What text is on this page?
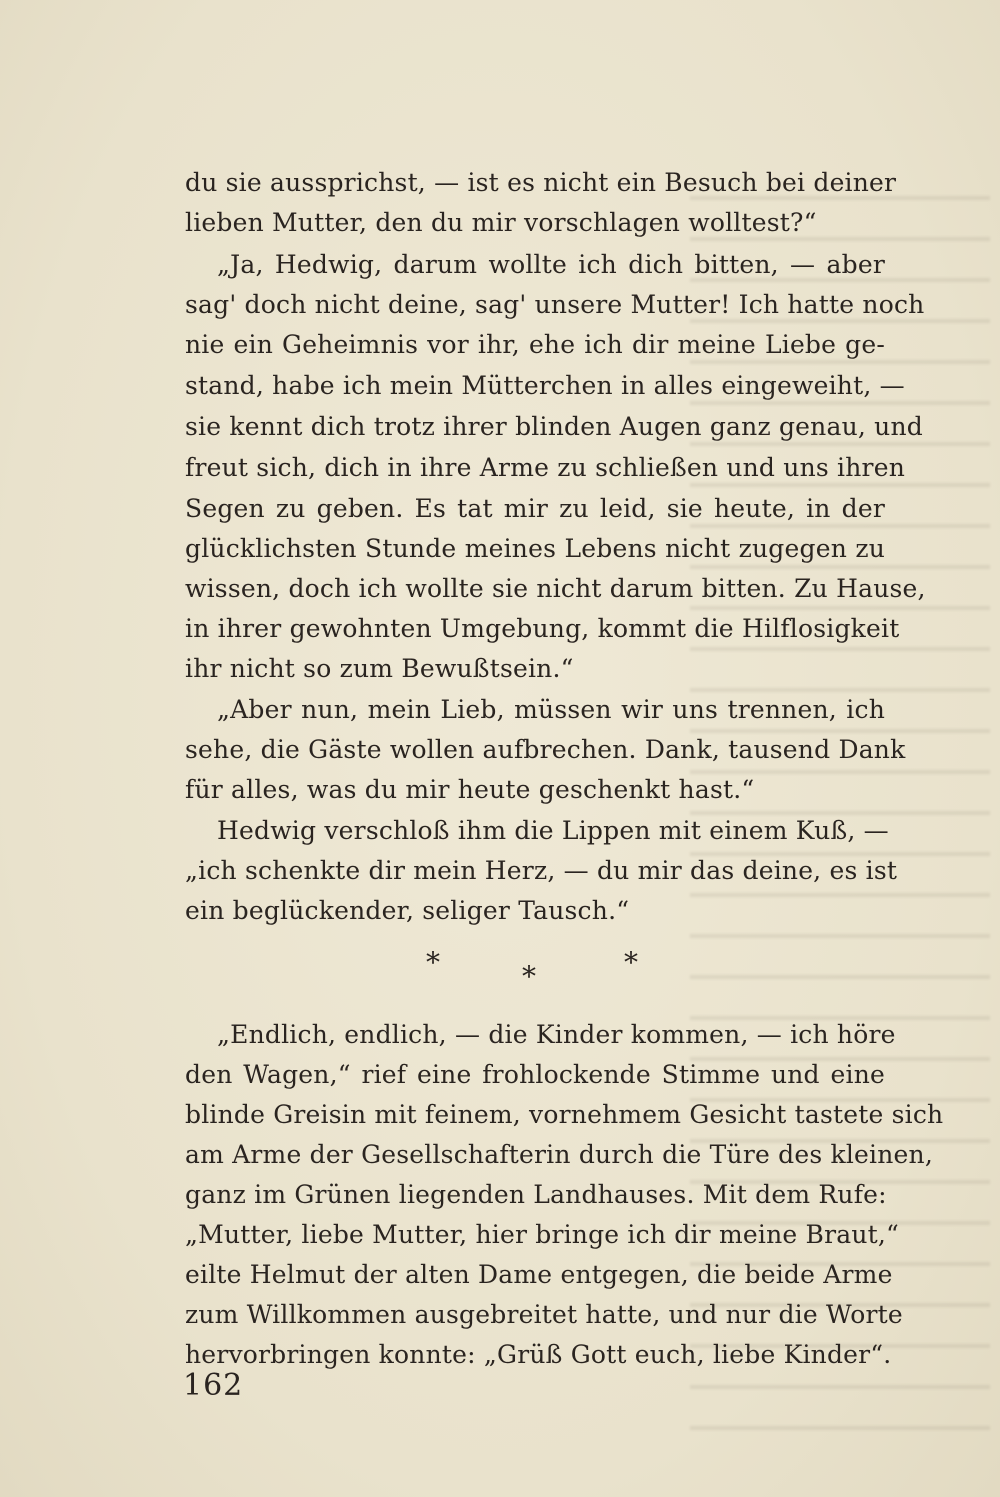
du sie aussprichst, — ist es nicht ein Besuch bei deiner
lieben Mutter, den du mir vorschlagen wolltest?“
„Ja, Hedwig, darum wollte ich dich bitten, — aber
sag' doch nicht deine, sag' unsere Mutter! Ich hatte noch
nie ein Geheimnis vor ihr, ehe ich dir meine Liebe ge-
stand, habe ich mein Mütterchen in alles eingeweiht, —
sie kennt dich trotz ihrer blinden Augen ganz genau, und
freut sich, dich in ihre Arme zu schließen und uns ihren
Segen zu geben. Es tat mir zu leid, sie heute, in der
glücklichsten Stunde meines Lebens nicht zugegen zu
wissen, doch ich wollte sie nicht darum bitten. Zu Hause,
in ihrer gewohnten Umgebung, kommt die Hilflosigkeit
ihr nicht so zum Bewußtsein.“
„Aber nun, mein Lieb, müssen wir uns trennen, ich
sehe, die Gäste wollen aufbrechen. Dank, tausend Dank
für alles, was du mir heute geschenkt hast.“
Hedwig verschloß ihm die Lippen mit einem Kuß, —
„ich schenkte dir mein Herz, — du mir das deine, es ist
ein beglückender, seliger Tausch.“
„Endlich, endlich, — die Kinder kommen, — ich höre
den Wagen,“ rief eine frohlockende Stimme und eine
blinde Greisin mit feinem, vornehmem Gesicht tastete sich
am Arme der Gesellschafterin durch die Türe des kleinen,
ganz im Grünen liegenden Landhauses. Mit dem Rufe:
„Mutter, liebe Mutter, hier bringe ich dir meine Braut,“
eilte Helmut der alten Dame entgegen, die beide Arme
zum Willkommen ausgebreitet hatte, und nur die Worte
hervorbringen konnte: „Grüß Gott euch, liebe Kinder“.
*	*	*
162
